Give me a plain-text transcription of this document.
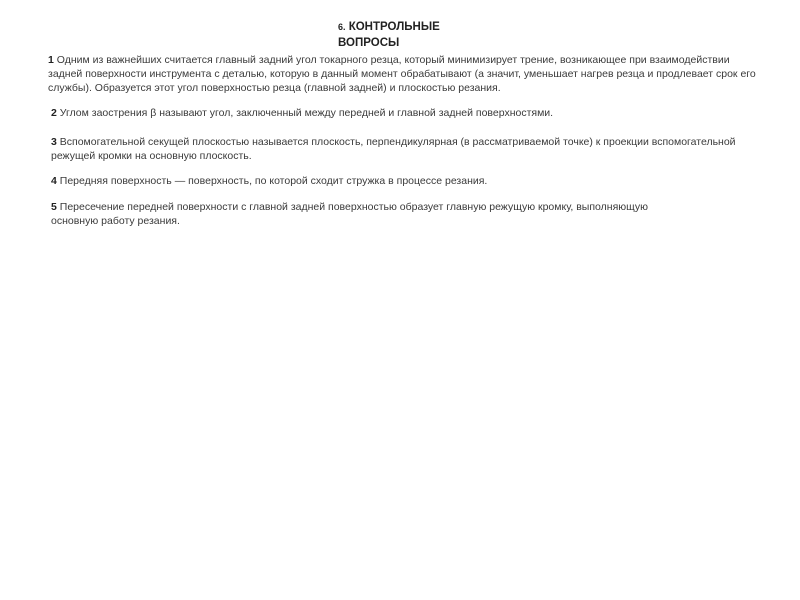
6. КОНТРОЛЬНЫЕ
ВОПРОСЫ
1 Одним из важнейших считается главный задний угол токарного резца, который минимизирует трение, возникающее при взаимодействии задней поверхности инструмента с деталью, которую в данный момент обрабатывают (а значит, уменьшает нагрев резца и продлевает срок его службы). Образуется этот угол поверхностью резца (главной задней) и плоскостью резания.
2 Углом заострения β называют угол, заключенный между передней и главной задней поверхностями.
3 Вспомогательной секущей плоскостью называется плоскость, перпендикулярная (в рассматриваемой точке) к проекции вспомогательной режущей кромки на основную плоскость.
4 Передняя поверхность — поверхность, по которой сходит стружка в процессе резания.
5 Пересечение передней поверхности с главной задней поверхностью образует главную режущую кромку, выполняющую основную работу резания.
